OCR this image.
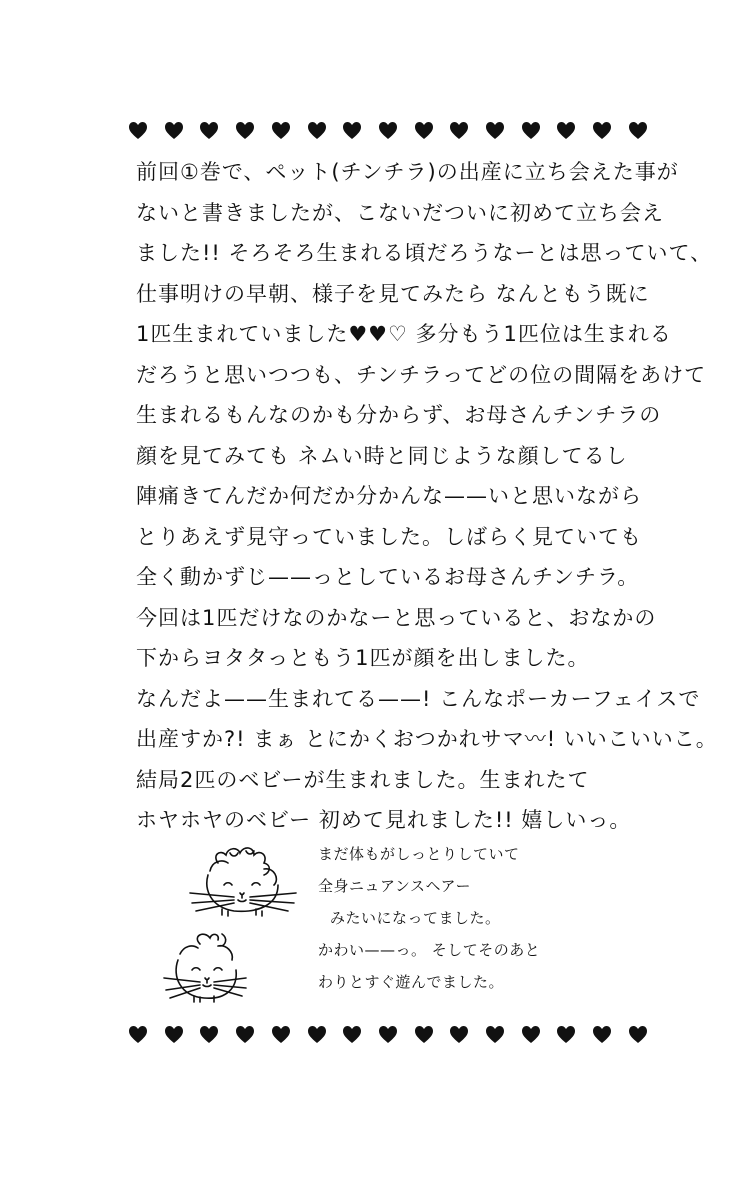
前回①巻で、ペット(チンチラ)の出産に立ち会えた事が
ないと書きましたが、こないだついに初めて立ち会え
ました!! そろそろ生まれる頃だろうなーとは思っていて、
仕事明けの早朝、様子を見てみたら なんともう既に
1匹生まれていました♥♥♡ 多分もう1匹位は生まれる
だろうと思いつつも、チンチラってどの位の間隔をあけて
生まれるもんなのかも分からず、お母さんチンチラの
顔を見てみても ネムい時と同じような顔してるし
陣痛きてんだか何だか分かんな——いと思いながら
とりあえず見守っていました。しばらく見ていても
全く動かずじ——っとしているお母さんチンチラ。
今回は1匹だけなのかなーと思っていると、おなかの
下からヨタタっともう1匹が顔を出しました。
なんだよ——生まれてる——! こんなポーカーフェイスで
出産すか?! まぁ とにかくおつかれサマ〰! いいこいいこ。
結局2匹のベビーが生まれました。生まれたて
ホヤホヤのベビー 初めて見れました!! 嬉しいっ。
まだ体もがしっとりしていて
全身ニュアンスヘアー
みたいになってました。
かわい——っ。 そしてそのあと
わりとすぐ遊んでました。
